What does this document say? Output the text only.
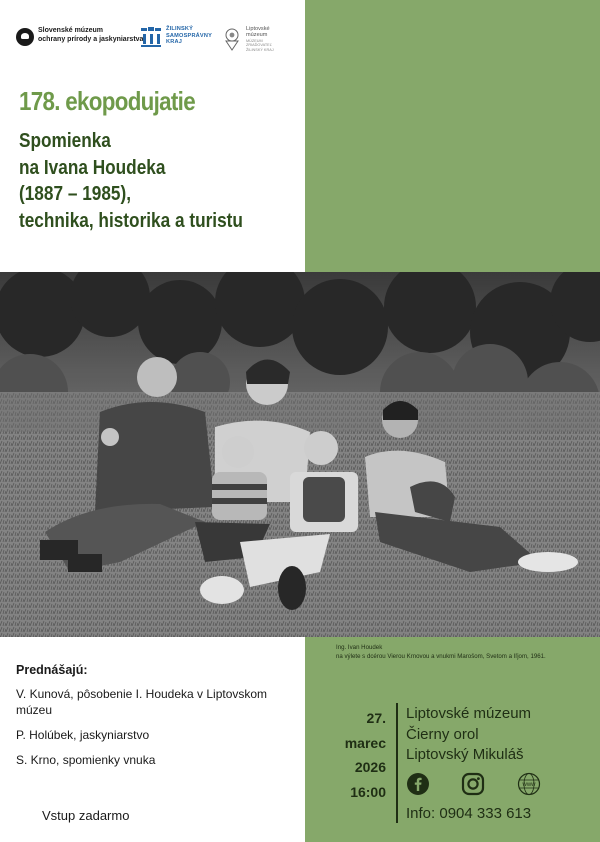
Slovenské múzeum
ochrany prírody a jaskyniarstva
ŽILINSKÝ
SAMOSPRÁVNY
KRAJ
Liptovské
múzeum
MÚZEUM
ZRIAĎOVATEĽ
ŽILINSKÝ KRAJ
178. ekopodujatie
Spomienka
na Ivana Houdeka
(1887 – 1985),
technika, historika a turistu
Ing. Ivan Houdek
na výlete s dcérou Vierou Krnovou a vnukmi Marošom, Svetom a Iľjom, 1961.
Prednášajú:
V. Kunová, pôsobenie I. Houdeka v Liptovskom múzeu
P. Holúbek, jaskyniarstvo
S. Krno, spomienky vnuka
Vstup zadarmo
27.
marec
2026
16:00
Liptovské múzeum
Čierny orol
Liptovský Mikuláš
www
Info: 0904 333 613
